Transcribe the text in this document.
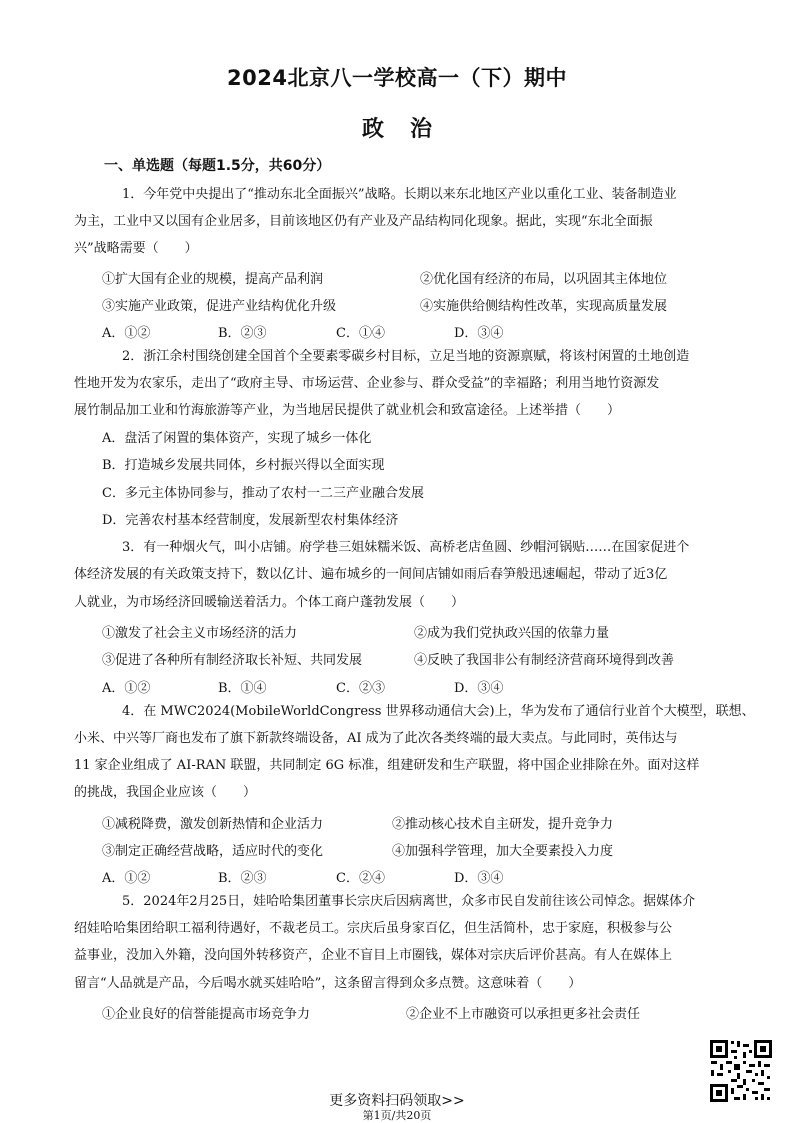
2024北京八一学校高一（下）期中
政治
一、单选题（每题1.5分，共60分）
1．今年党中央提出了“推动东北全面振兴”战略。长期以来东北地区产业以重化工业、装备制造业
为主，工业中又以国有企业居多，目前该地区仍有产业及产品结构同化现象。据此，实现“东北全面振
兴”战略需要（　　）
①扩大国有企业的规模，提高产品利润	②优化国有经济的布局，以巩固其主体地位
③实施产业政策，促进产业结构优化升级	④实施供给侧结构性改革，实现高质量发展
A．①②	B．②③	C．①④	D．③④
2．浙江余村围绕创建全国首个全要素零碳乡村目标，立足当地的资源禀赋，将该村闲置的土地创造
性地开发为农家乐，走出了“政府主导、市场运营、企业参与、群众受益”的幸福路；利用当地竹资源发
展竹制品加工业和竹海旅游等产业，为当地居民提供了就业机会和致富途径。上述举措（　　）
A．盘活了闲置的集体资产，实现了城乡一体化
B．打造城乡发展共同体，乡村振兴得以全面实现
C．多元主体协同参与，推动了农村一二三产业融合发展
D．完善农村基本经营制度，发展新型农村集体经济
3．有一种烟火气，叫小店铺。府学巷三姐妹糯米饭、高桥老店鱼圆、纱帽河锅贴……在国家促进个
体经济发展的有关政策支持下，数以亿计、遍布城乡的一间间店铺如雨后春笋般迅速崛起，带动了近3亿
人就业，为市场经济回暖输送着活力。个体工商户蓬勃发展（　　）
①激发了社会主义市场经济的活力	②成为我们党执政兴国的依靠力量
③促进了各种所有制经济取长补短、共同发展	④反映了我国非公有制经济营商环境得到改善
A．①②	B．①④	C．②③	D．③④
4．在 MWC2024(MobileWorldCongress 世界移动通信大会)上，华为发布了通信行业首个大模型，联想、
小米、中兴等厂商也发布了旗下新款终端设备，AI 成为了此次各类终端的最大卖点。与此同时，英伟达与
11 家企业组成了 AI-RAN 联盟，共同制定 6G 标准，组建研发和生产联盟，将中国企业排除在外。面对这样
的挑战，我国企业应该（　　）
①减税降费，激发创新热情和企业活力	②推动核心技术自主研发，提升竞争力
③制定正确经营战略，适应时代的变化	④加强科学管理，加大全要素投入力度
A．①②	B．②③	C．②④	D．③④
5．2024年2月25日，娃哈哈集团董事长宗庆后因病离世，众多市民自发前往该公司悼念。据媒体介
绍娃哈哈集团给职工福利待遇好，不裁老员工。宗庆后虽身家百亿，但生活简朴，忠于家庭，积极参与公
益事业，没加入外籍，没向国外转移资产，企业不盲目上市圈钱，媒体对宗庆后评价甚高。有人在媒体上
留言“人品就是产品，今后喝水就买娃哈哈”，这条留言得到众多点赞。这意味着（　　）
①企业良好的信誉能提高市场竞争力	②企业不上市融资可以承担更多社会责任
更多资料扫码领取>>
第1页/共20页
